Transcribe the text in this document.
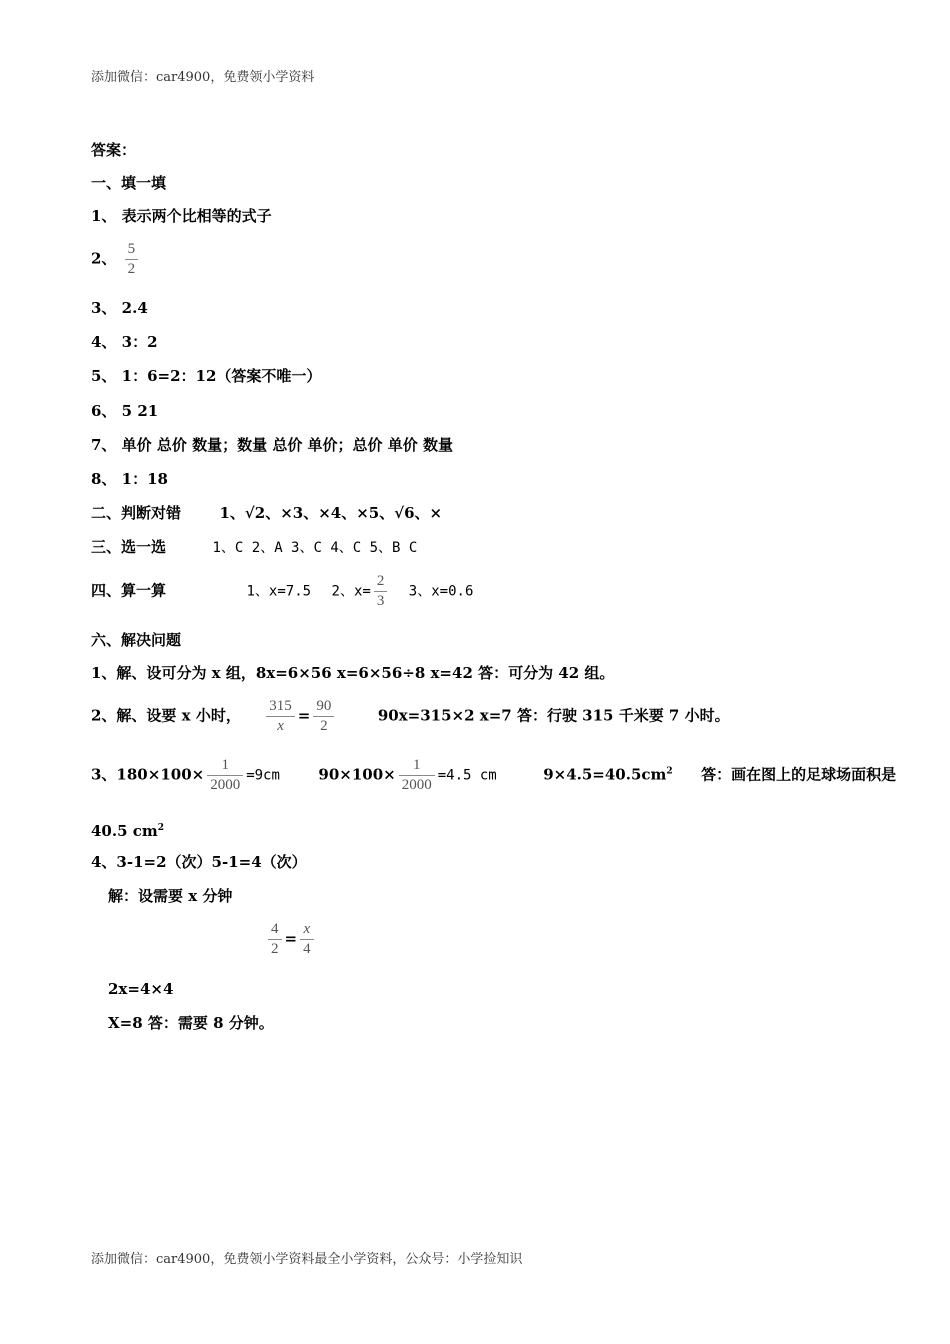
添加微信：car4900，免费领小学资料
答案：
一、填一填
1、 表示两个比相等的式子
2、 $\frac{5}{2}$
3、 2.4
4、 3：2
5、 1：6=2：12（答案不唯一）
6、 5 21
7、 单价 总价 数量；数量 总价 单价；总价 单价 数量
8、 1：18
二、判断对错	1、√2、×3、×4、×5、√6、×
三、选一选	1、C 2、A 3、C 4、C 5、B C
四、算一算	1、x=7.5 2、$x= \frac{2}{3} 3$、x=0.6
六、解决问题
1、解、设可分为 x 组，8x=6×56 x=6×56÷8 x=42 答：可分为 42 组。
2、解、设要 x 小时， $\frac{315}{x} = \frac{90}{2}$	90x=315×2 x=7 答：行驶 315 千米要 7 小时。
3、$180\times 100\times \frac{1}{2000} =9cm$	$90\times 100\times \frac{1}{2000} =4.5$ cm	$9\times 4.5=40.5cm^2$ 答：画在图上的足球场面积是
40.5 $cm^2$
4、3-1=2（次）5-1=4（次）
解：设需要 x 分钟
$\frac{4}{2} = \frac{x}{4}$
2x=4×4
X=8 答：需要 8 分钟。
添加微信：car4900，免费领小学资料最全小学资料，公众号：小学捡知识
